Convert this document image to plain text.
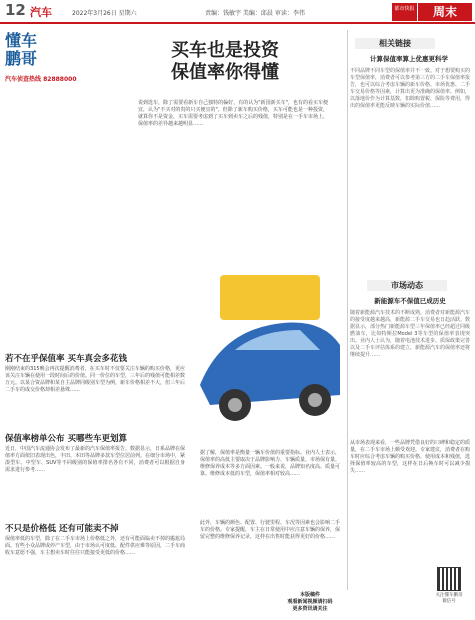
12 汽车	2022年3月26日 星期六	责编：钱敏宇 美编：邱晨 审读：李伟
都市快报	周末
懂车
鹏哥
汽车侦查热线 82888000
买车也是投资
保值率你得懂

说到选车，除了需要看新车自己独特的偏好，有的认为"新国新买车"，也有的看买车便宜，认为"不买对的贵的只买便宜的"。但除了新车购买价格，买车可能也是一种投资，就算你不是资金，买车需要考虑到了买车到卖车之后的残值，特别是在一手车市场上，保值率的差异越来越明显……

相关链接
计算保值率算上优惠更科学

不同品牌不同车型的保值率并不一致。对于想要购买的车型保值率，消费者可以参考第三方的二手车保值率报告，也可以综合考虑车辆的新车价格、市场优惠、二手车交易价格等因素，计算出更为准确的保值率。例如，以落地价作为计算基数，扣除购置税、保险等费用，得出的保值率更能反映车辆的实际价值……

市场动态
新能源车不保值已成历史

随着新能源汽车技术的不断成熟，消费者对新能源汽车的接受度越来越高，新能源二手车交易也日趋活跃。数据显示，部分热门新能源车型三年保值率已经超过同级燃油车，比如特斯拉Model 3等车型的保值率表现突出。业内人士认为，随着电池技术进步、质保政策完善以及二手车评估体系的建立，新能源汽车的保值率还将继续提升……

若不在乎保值率 买车真会多花钱

刚刚结束的315晚会再次提醒消费者，在买车时不仅要关注车辆的购买价格，更应该关注车辆在使用一段时间后的价值。同一价位的车型，三年后的残值可能相差数万元。以某合资品牌和某自主品牌同级别车型为例，新车价格相差不大，但三年后二手车的成交价格却相差悬殊……

保值率榜单公布 买哪些车更划算

近日，中国汽车流通协会发布了最新的汽车保值率报告。数据显示，日系品牌在保值率方面依旧表现出色，丰田、本田等品牌多款车型位居前列。在细分市场中，紧凑型车、中型车、SUV等不同级别的保值率排名各有不同，消费者可以根据自身需求进行参考……

不只是价格低 还有可能卖不掉

保值率低的车型，除了在二手车市场上价格低之外，还有可能面临卖不掉的尴尬局面。有些小众品牌或停产车型，由于市场认可度低、配件供应难等原因，二手车商收车意愿不强，车主想卖车时往往只能接受更低的价格……

据了解，保值率是衡量一辆车价值的重要指标。业内人士表示，保值率的高低主要取决于品牌影响力、车辆质量、市场保有量、维修保养成本等多方面因素。一般来说，品牌知名度高、质量可靠、维修成本低的车型，保值率相对较高……

从市场表现来看，一些品牌凭借良好的口碑和稳定的质量，在二手车市场上颇受欢迎。专家建议，消费者在购车时应综合考虑车辆的购买价格、使用成本和残值，选择保值率较高的车型，这样在日后换车时可以减少损失……

此外，车辆的颜色、配置、行驶里程、车况等因素也会影响二手车的价格。专家提醒，车主在日常使用中应注意车辆的保养，保留完整的维修保养记录，这样在出售时能获得更好的价格……

本版稿件
观看新闻视频请扫码
更多资讯请关注
关注懂车鹏哥
微信号
